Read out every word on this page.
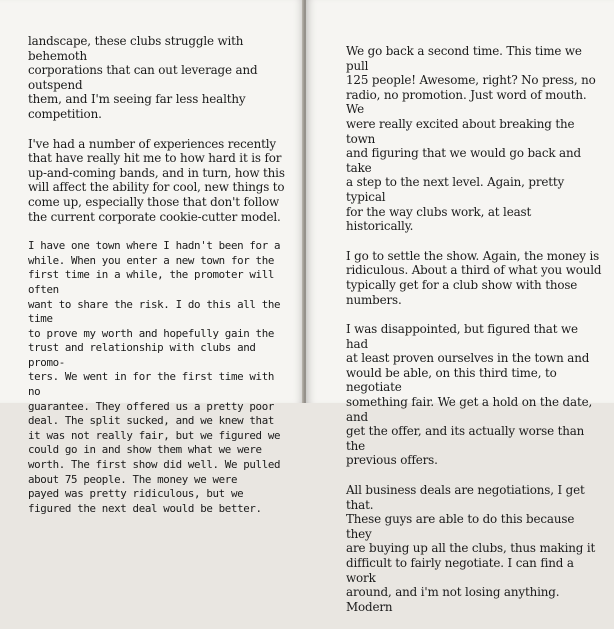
landscape, these clubs struggle with behemoth
corporations that can out leverage and outspend
them, and I'm seeing far less healthy competition.

I've had a number of experiences recently
that have really hit me to how hard it is for
up-and-coming bands, and in turn, how this
will affect the ability for cool, new things to
come up, especially those that don't follow
the current corporate cookie-cutter model.

I have one town where I hadn't been for a
while. When you enter a new town for the
first time in a while, the promoter will often
want to share the risk. I do this all the time
to prove my worth and hopefully gain the
trust and relationship with clubs and promo-
ters. We went in for the first time with no
guarantee. They offered us a pretty poor
deal. The split sucked, and we knew that
it was not really fair, but we figured we
could go in and show them what we were
worth. The first show did well. We pulled
about 75 people. The money we were
payed was pretty ridiculous, but we
figured the next deal would be better.

We go back a second time. This time we pull
125 people! Awesome, right? No press, no
radio, no promotion. Just word of mouth. We
were really excited about breaking the town
and figuring that we would go back and take
a step to the next level. Again, pretty typical
for the way clubs work, at least historically.

I go to settle the show. Again, the money is
ridiculous. About a third of what you would
typically get for a club show with those numbers.

I was disappointed, but figured that we had
at least proven ourselves in the town and
would be able, on this third time, to negotiate
something fair. We get a hold on the date, and
get the offer, and its actually worse than the
previous offers.

All business deals are negotiations, I get that.
These guys are able to do this because they
are buying up all the clubs, thus making it
difficult to fairly negotiate. I can find a work
around, and i'm not losing anything. Modern
